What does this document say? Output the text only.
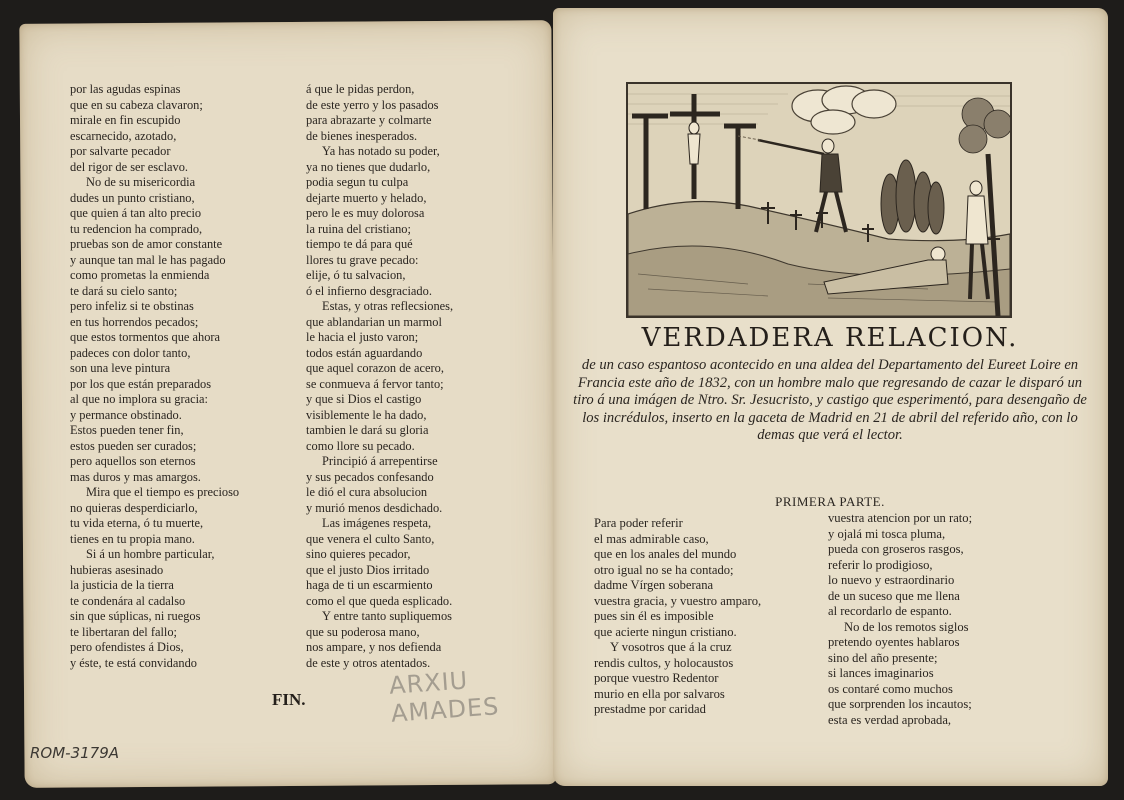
por las agudas espinas
que en su cabeza clavaron;
mirale en fin escupido
escarnecido, azotado,
por salvarte pecador
del rigor de ser esclavo.
No de su misericordia
dudes un punto cristiano,
que quien á tan alto precio
tu redencion ha comprado,
pruebas son de amor constante
y aunque tan mal le has pagado
como prometas la enmienda
te dará su cielo santo;
pero infeliz si te obstinas
en tus horrendos pecados;
que estos tormentos que ahora
padeces con dolor tanto,
son una leve pintura
por los que están preparados
al que no implora su gracia:
y permance obstinado.
Estos pueden tener fin,
estos pueden ser curados;
pero aquellos son eternos
mas duros y mas amargos.
Mira que el tiempo es precioso
no quieras desperdiciarlo,
tu vida eterna, ó tu muerte,
tienes en tu propia mano.
Si á un hombre particular,
hubieras asesinado
la justicia de la tierra
te condenára al cadalso
sin que súplicas, ni ruegos
te libertaran del fallo;
pero ofendistes á Dios,
y éste, te está convidando
á que le pidas perdon,
de este yerro y los pasados
para abrazarte y colmarte
de bienes inesperados.
Ya has notado su poder,
ya no tienes que dudarlo,
podia segun tu culpa
dejarte muerto y helado,
pero le es muy dolorosa
la ruina del cristiano;
tiempo te dá para qué
llores tu grave pecado:
elije, ó tu salvacion,
ó el infierno desgraciado.
Estas, y otras reflecsiones,
que ablandarian un marmol
le hacia el justo varon;
todos están aguardando
que aquel corazon de acero,
se conmueva á fervor tanto;
y que si Dios el castigo
visiblemente le ha dado,
tambien le dará su gloria
como llore su pecado.
Principió á arrepentirse
y sus pecados confesando
le dió el cura absolucion
y murió menos desdichado.
Las imágenes respeta,
que venera el culto Santo,
sino quieres pecador,
que el justo Dios irritado
haga de ti un escarmiento
como el que queda esplicado.
Y entre tanto supliquemos
que su poderosa mano,
nos ampare, y nos defienda
de este y otros atentados.
FIN.	ARXIU
AMADES
ROM-3179A
VERDADERA RELACION.
de un caso espantoso acontecido en una aldea del Departamento del Eureet Loire en Francia este año de 1832, con un hombre malo que regresando de cazar le disparó un tiro á una imágen de Ntro. Sr. Jesucristo, y castigo que esperimentó, para desengaño de los incrédulos, inserto en la gaceta de Madrid en 21 de abril del referido año, con lo demas que verá el lector.
PRIMERA PARTE.
Para poder referir
el mas admirable caso,
que en los anales del mundo
otro igual no se ha contado;
dadme Vírgen soberana
vuestra gracia, y vuestro amparo,
pues sin él es imposible
que acierte ningun cristiano.
Y vosotros que á la cruz
rendis cultos, y holocaustos
porque vuestro Redentor
murio en ella por salvaros
prestadme por caridad
vuestra atencion por un rato;
y ojalá mi tosca pluma,
pueda con groseros rasgos,
referir lo prodigioso,
lo nuevo y estraordinario
de un suceso que me llena
al recordarlo de espanto.
No de los remotos siglos
pretendo oyentes hablaros
sino del año presente;
si lances imaginarios
os contaré como muchos
que sorprenden los incautos;
esta es verdad aprobada,
